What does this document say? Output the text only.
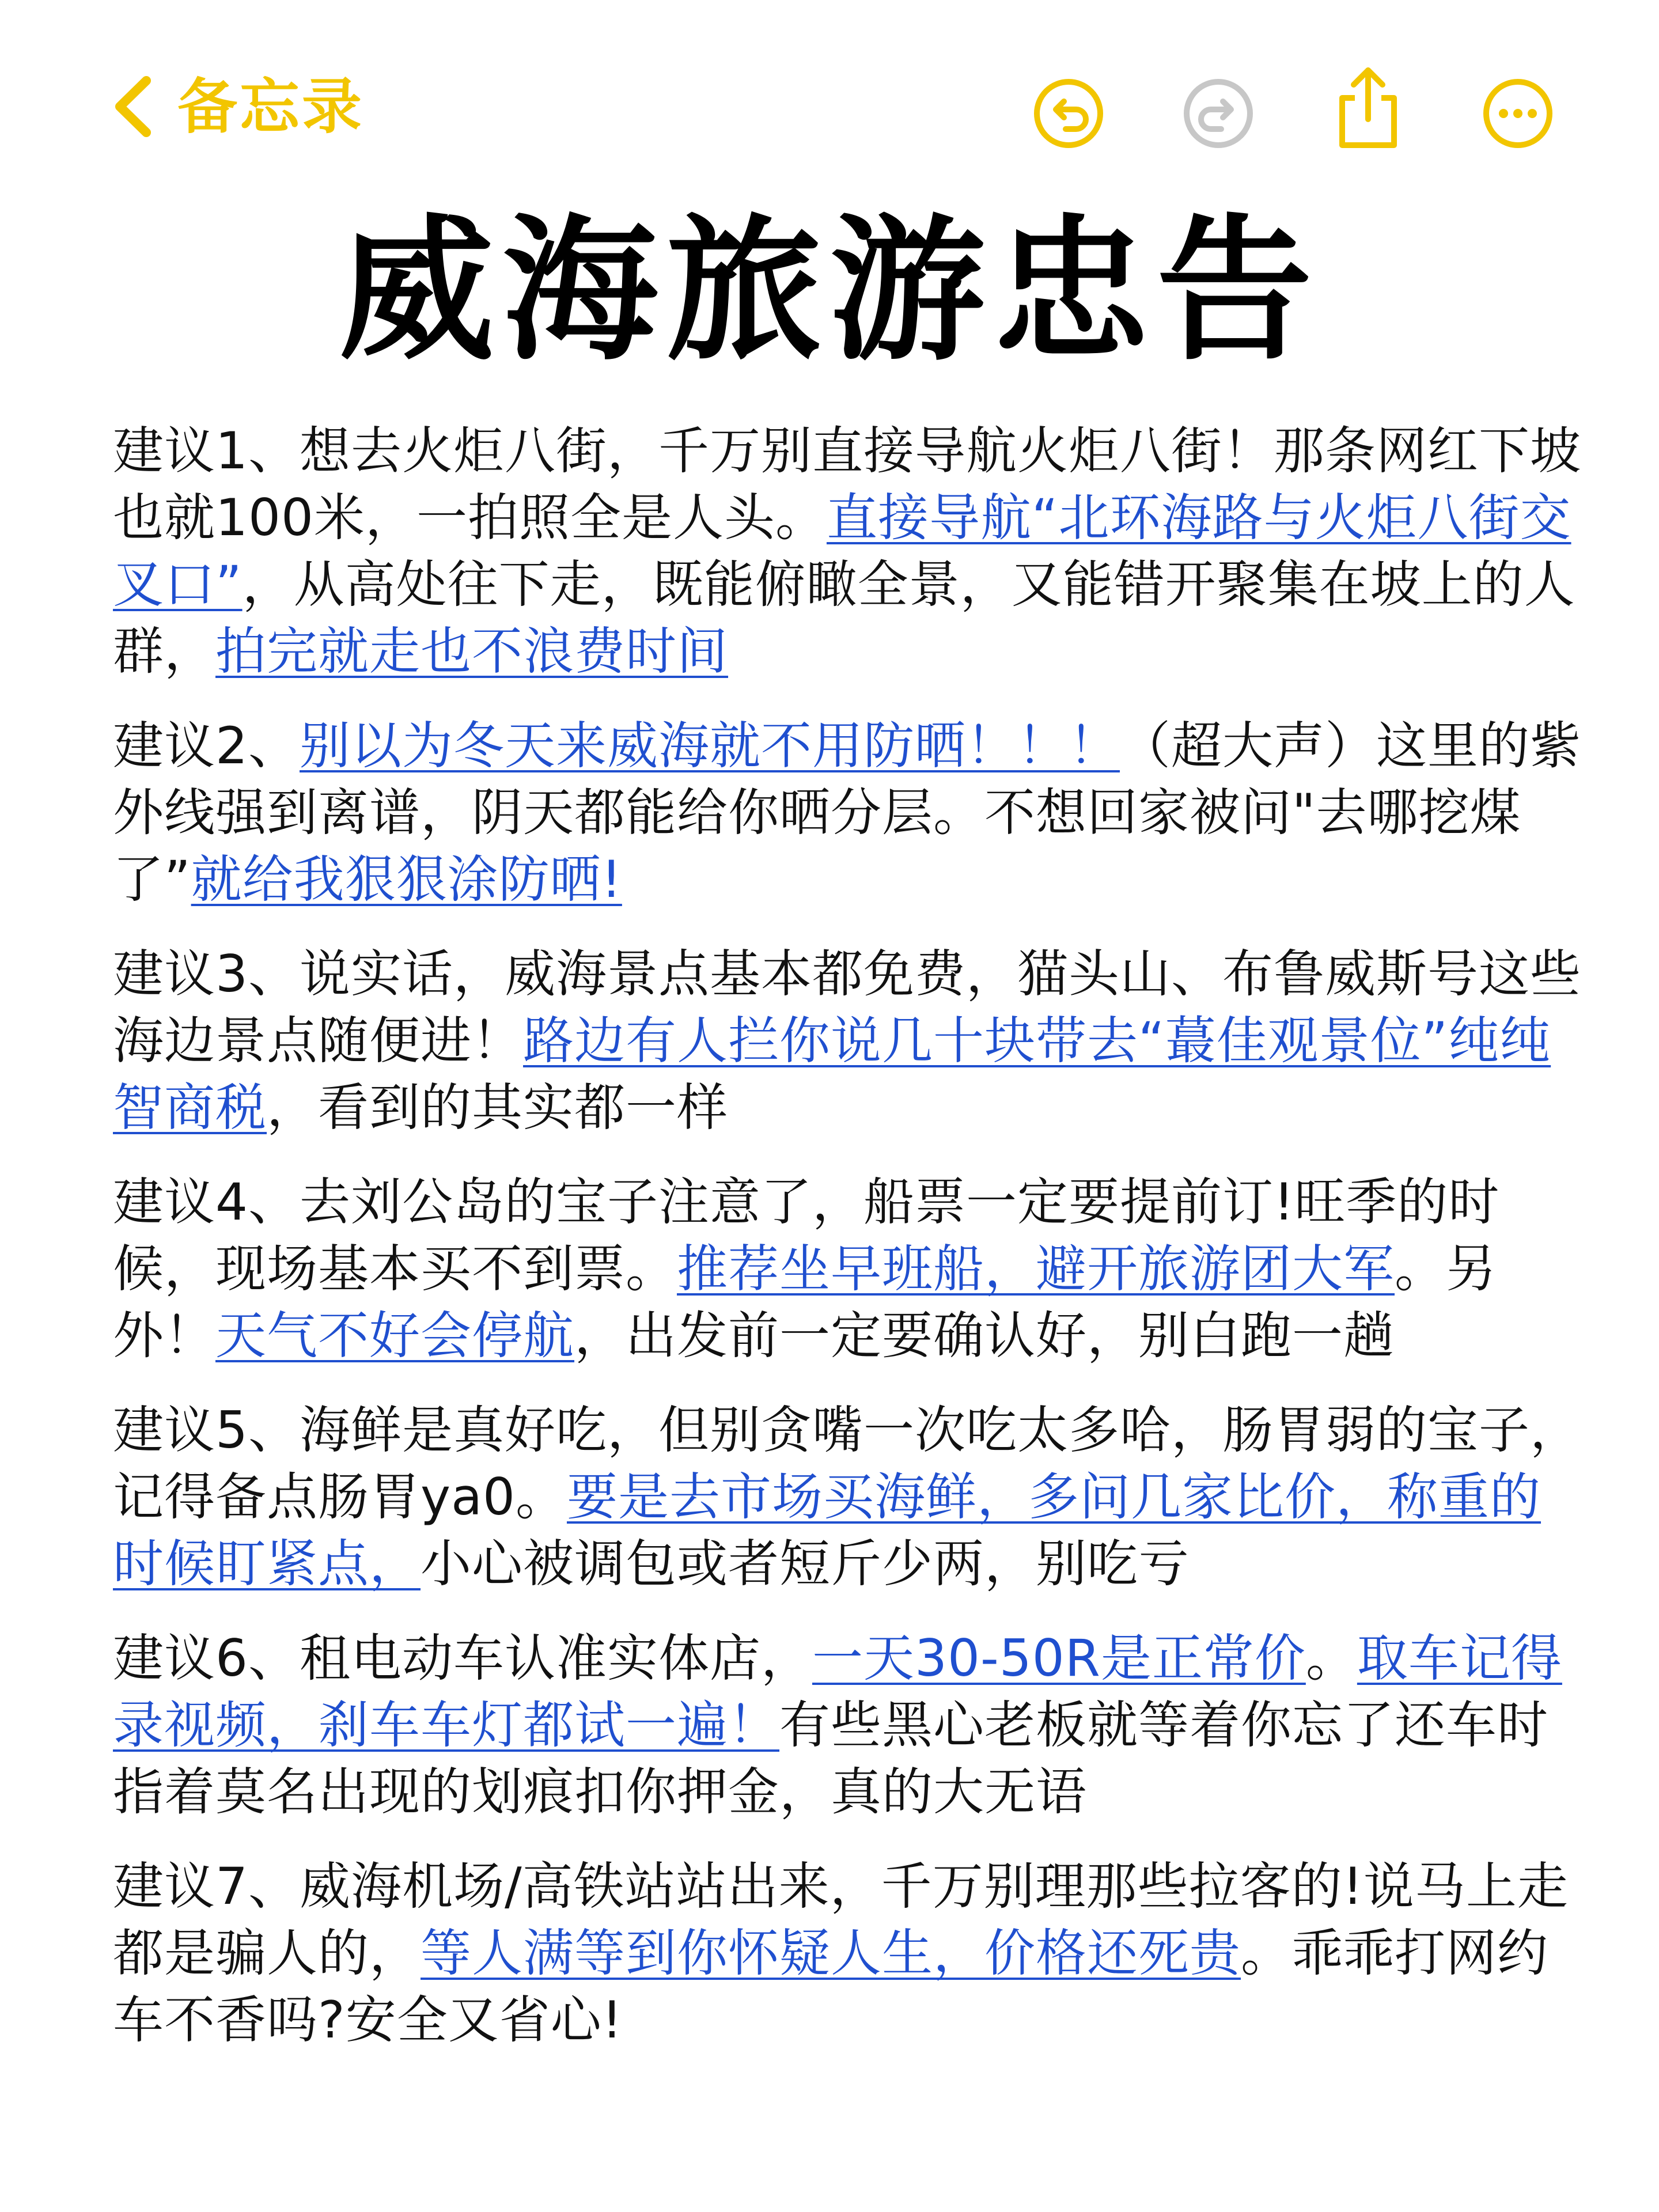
备忘录
威海旅游忠告

建议1、想去火炬八街，千万别直接导航火炬八街！那条网红下坡也就100米，一拍照全是人头。直接导航“北环海路与火炬八街交叉口”，从高处往下走，既能俯瞰全景，又能错开聚集在坡上的人群，拍完就走也不浪费时间

建议2、别以为冬天来威海就不用防晒！！！（超大声）这里的紫外线强到离谱，阴天都能给你晒分层。不想回家被问"去哪挖煤了”就给我狠狠涂防晒!

建议3、说实话，威海景点基本都免费，猫头山、布鲁威斯号这些海边景点随便进！路边有人拦你说几十块带去“蕞佳观景位”纯纯智商税，看到的其实都一样

建议4、去刘公岛的宝子注意了，船票一定要提前订!旺季的时候，现场基本买不到票。推荐坐早班船，避开旅游团大军。另外！天气不好会停航，出发前一定要确认好，别白跑一趟

建议5、海鲜是真好吃，但别贪嘴一次吃太多哈，肠胃弱的宝子，记得备点肠胃ya0。要是去市场买海鲜，多问几家比价，称重的时候盯紧点，小心被调包或者短斤少两，别吃亏

建议6、租电动车认准实体店，一天30-50R是正常价。取车记得录视频，刹车车灯都试一遍！有些黑心老板就等着你忘了还车时指着莫名出现的划痕扣你押金，真的大无语

建议7、威海机场/高铁站站出来，千万别理那些拉客的!说马上走都是骗人的，等人满等到你怀疑人生，价格还死贵。乖乖打网约车不香吗?安全又省心!
